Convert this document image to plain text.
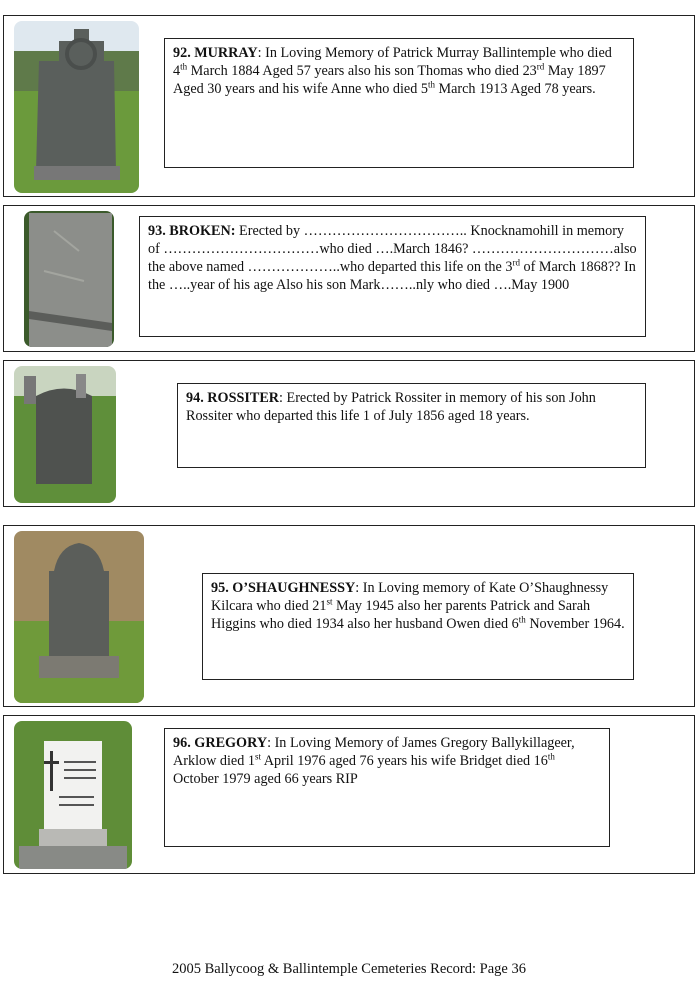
92. MURRAY: In Loving Memory of Patrick Murray Ballintemple who died 4th March 1884 Aged 57 years also his son Thomas who died 23rd May 1897 Aged 30 years and his wife Anne who died 5th March 1913 Aged 78 years.
93. BROKEN: Erected by …………………………….. Knocknamohill in memory of ……………………………who died ….March 1846? …………………………also the above named ………………..who departed this life on the 3rd of March 1868?? In the …..year of his age Also his son Mark……..nly who died ….May 1900
94. ROSSITER: Erected by Patrick Rossiter in memory of his son John Rossiter who departed this life 1 of July 1856 aged 18 years.
95. O’SHAUGHNESSY: In Loving memory of Kate O’Shaughnessy Kilcara who died 21st May 1945 also her parents Patrick and Sarah Higgins who died 1934 also her husband Owen died 6th November 1964.
96. GREGORY: In Loving Memory of James Gregory Ballykillageer, Arklow died 1st April 1976 aged 76 years his wife Bridget died 16th October 1979 aged 66 years RIP
2005 Ballycoog & Ballintemple Cemeteries Record: Page 36
